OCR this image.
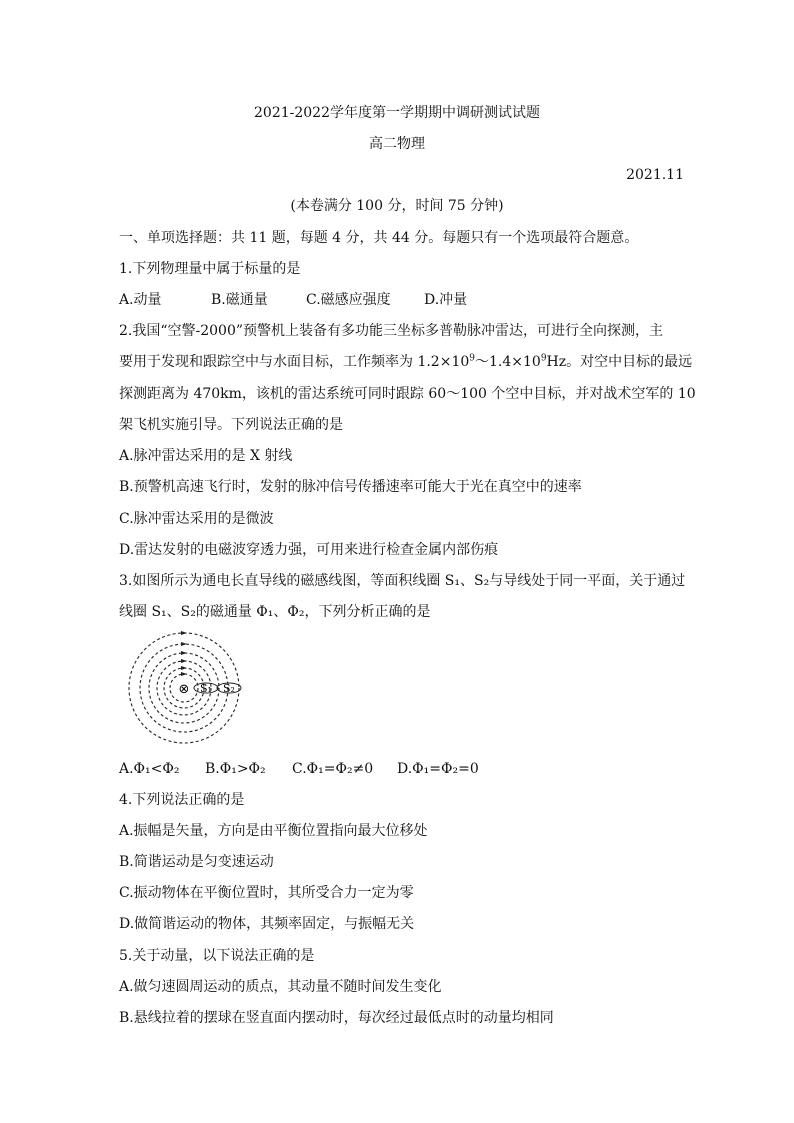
2021-2022学年度第一学期期中调研测试试题
高二物理
2021.11
(本卷满分 100 分，时间 75 分钟)
一、单项选择题：共 11 题，每题 4 分，共 44 分。每题只有一个选项最符合题意。
1.下列物理量中属于标量的是
A.动量	B.磁通量	C.磁感应强度 D.冲量
2.我国“空警-2000”预警机上装备有多功能三坐标多普勒脉冲雷达，可进行全向探测，主
要用于发现和跟踪空中与水面目标，工作频率为 $1.2\times 10^9\sim 1.4\times 10^9Hz$。对空中目标的最远
探测距离为 470km，该机的雷达系统可同时跟踪 60～100 个空中目标，并对战术空军的 10
架飞机实施引导。下列说法正确的是
A.脉冲雷达采用的是 X 射线
B.预警机高速飞行时，发射的脉冲信号传播速率可能大于光在真空中的速率
C.脉冲雷达采用的是微波
D.雷达发射的电磁波穿透力强，可用来进行检查金属内部伤痕
3.如图所示为通电长直导线的磁感线图，等面积线圈 S₁、S₂与导线处于同一平面，关于通过
线圈 S₁、S₂的磁通量 Φ₁、Φ₂，下列分析正确的是
⊗ S₁ S₂
A.Φ₁<Φ₂ B.Φ₁>Φ₂ C.Φ₁=Φ₂≠0 D.Φ₁=Φ₂=0
4.下列说法正确的是
A.振幅是矢量，方向是由平衡位置指向最大位移处
B.简谐运动是匀变速运动
C.振动物体在平衡位置时，其所受合力一定为零
D.做简谐运动的物体，其频率固定，与振幅无关
5.关于动量，以下说法正确的是
A.做匀速圆周运动的质点，其动量不随时间发生变化
B.悬线拉着的摆球在竖直面内摆动时，每次经过最低点时的动量均相同
